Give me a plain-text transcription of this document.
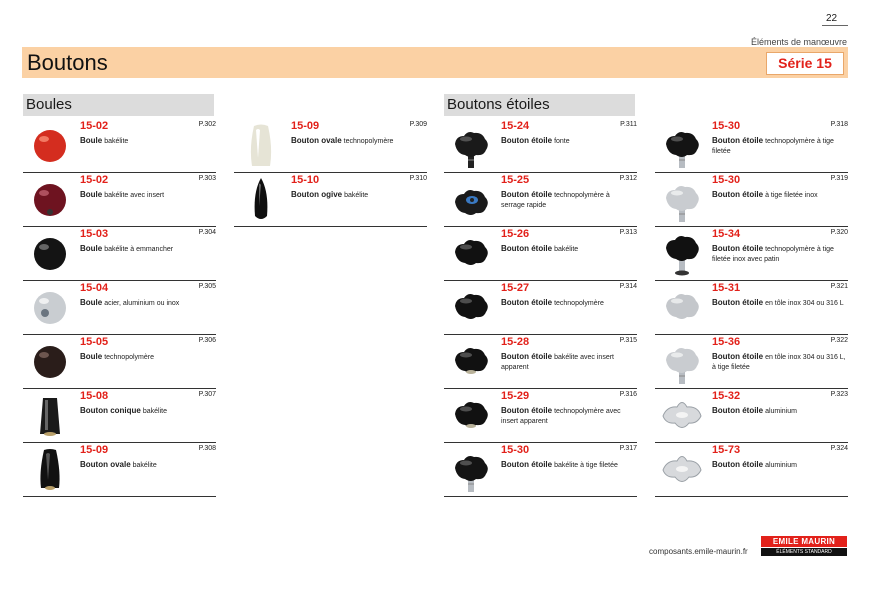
22
Éléments de manœuvre
Boutons	Série 15
Boules	Boutons étoiles
15-02	P.302
Boule bakélite
15-02	P.303
Boule bakélite avec insert
15-03	P.304
Boule bakélite à emmancher
15-04	P.305
Boule acier, aluminium ou inox
15-05	P.306
Boule technopolymère
15-08	P.307
Bouton conique bakélite
15-09	P.308
Bouton ovale bakélite
15-09	P.309
Bouton ovale technopolymère
15-10	P.310
Bouton ogive bakélite
15-24	P.311
Bouton étoile fonte
15-25	P.312
Bouton étoile technopolymère à serrage rapide
15-26	P.313
Bouton étoile bakélite
15-27	P.314
Bouton étoile technopolymère
15-28	P.315
Bouton étoile bakélite avec insert apparent
15-29	P.316
Bouton étoile technopolymère avec insert apparent
15-30	P.317
Bouton étoile bakélite à tige filetée
15-30	P.318
Bouton étoile technopolymère à tige filetée
15-30	P.319
Bouton étoile à tige filetée inox
15-34	P.320
Bouton étoile technopolymère à tige filetée inox avec patin
15-31	P.321
Bouton étoile en tôle inox 304 ou 316 L
15-36	P.322
Bouton étoile en tôle inox 304 ou 316 L, à tige filetée
15-32	P.323
Bouton étoile aluminium
15-73	P.324
Bouton étoile aluminium
composants.emile-maurin.fr
EMILE MAURIN
ÉLÉMENTS STANDARD ÉQUIPEMENTS
